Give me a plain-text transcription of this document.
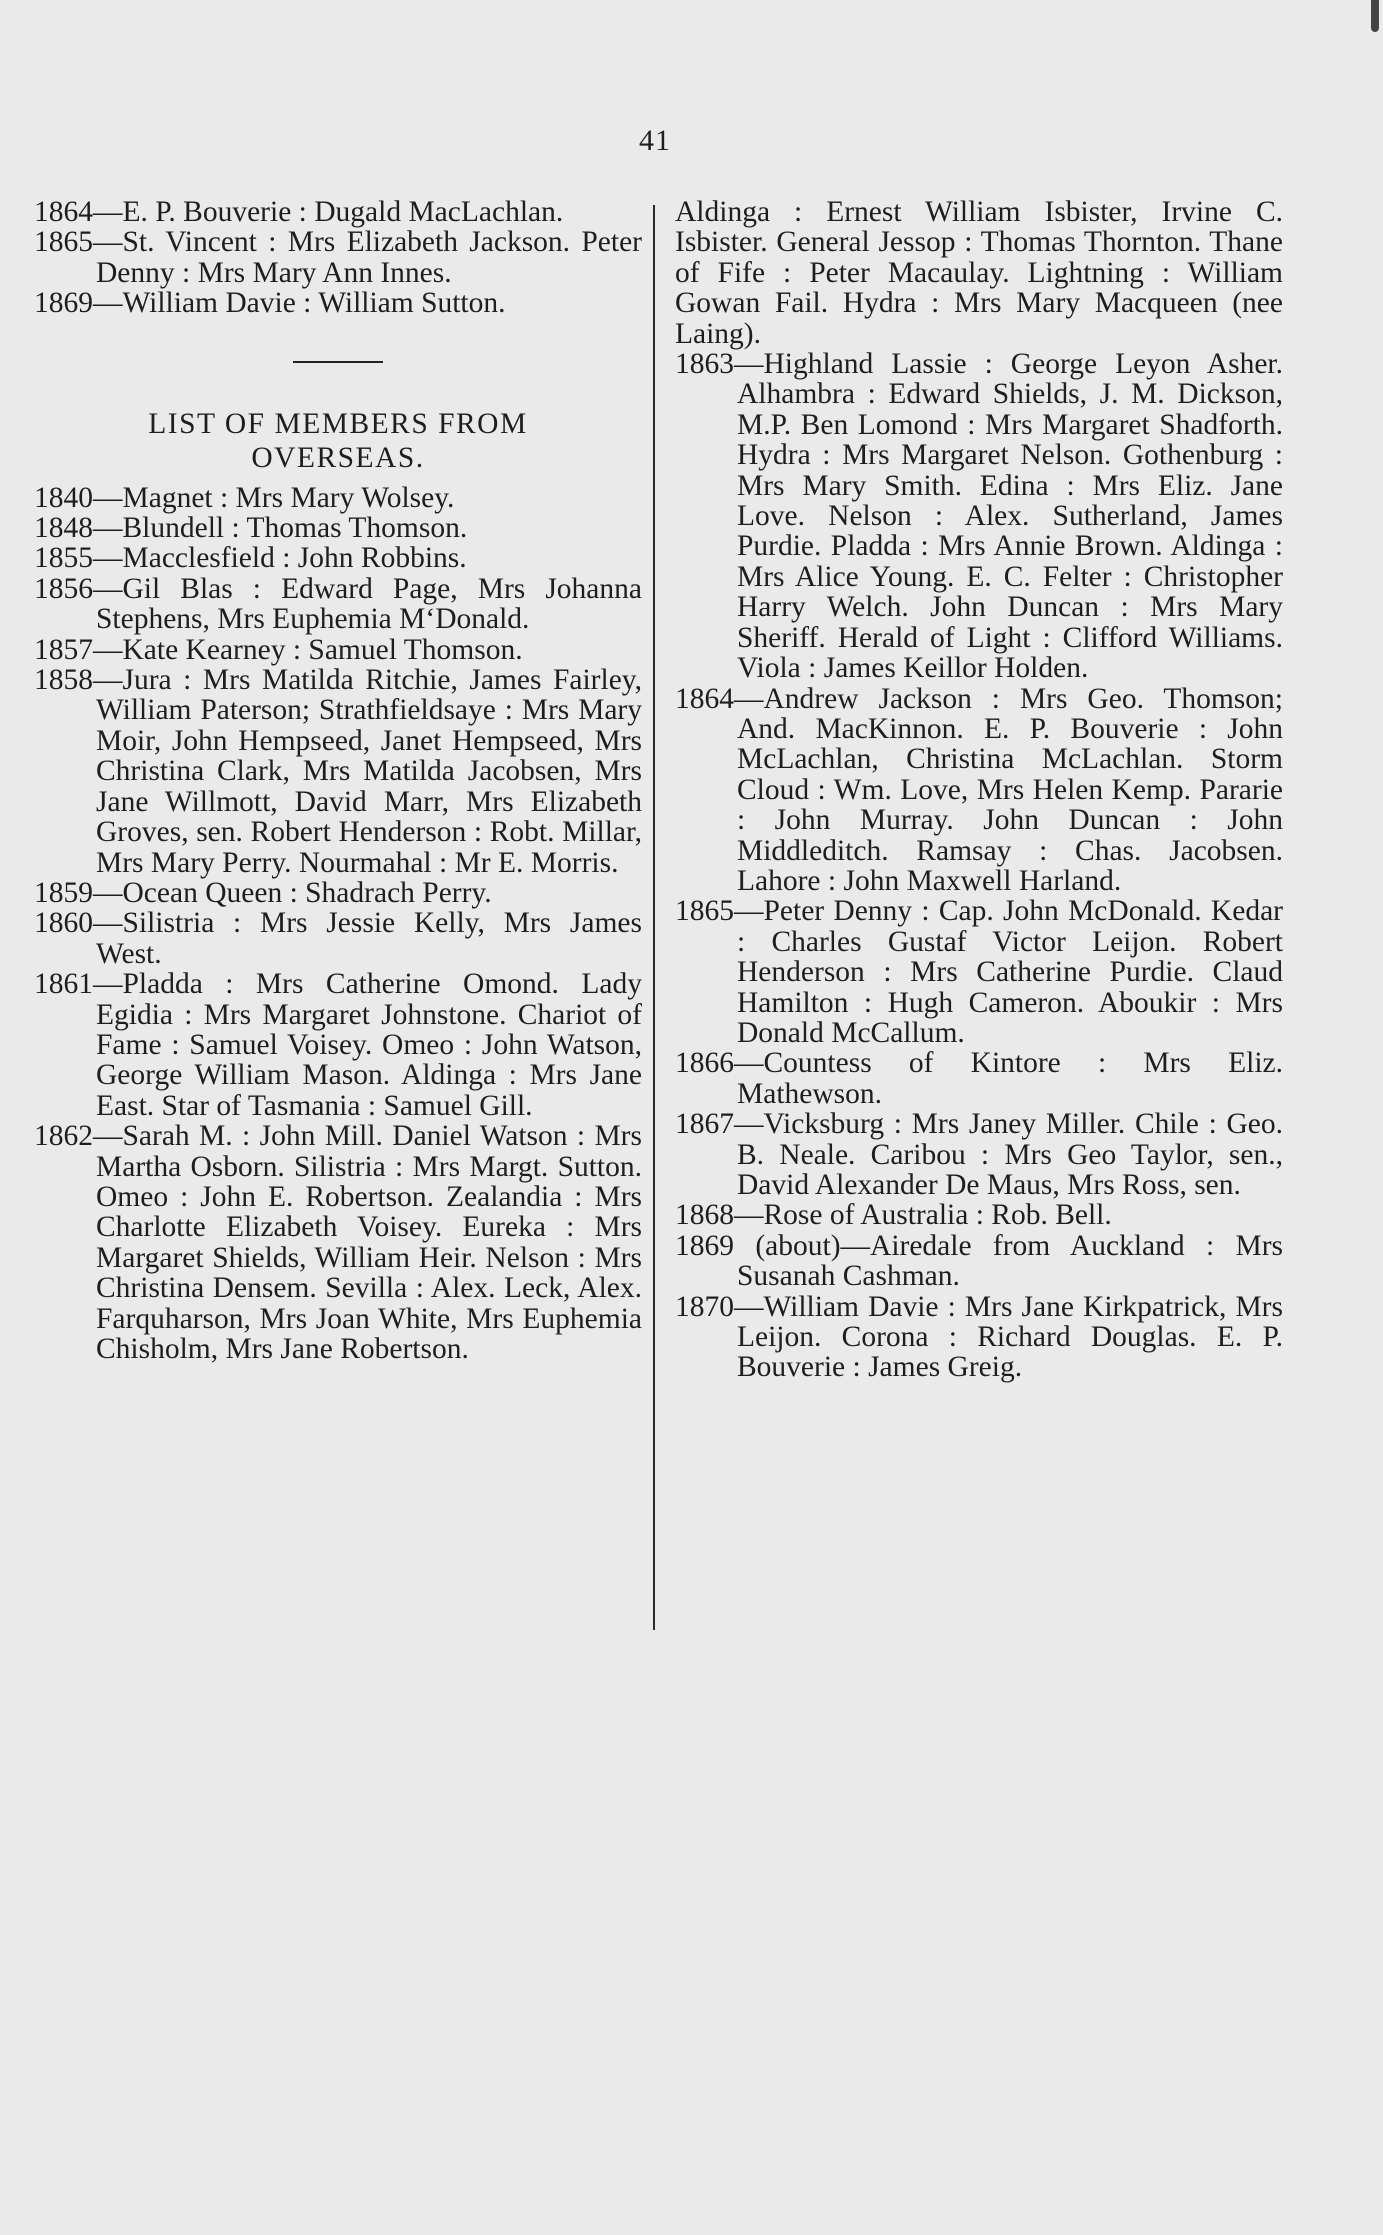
41

1864—E. P. Bouverie : Dugald MacLachlan.

1865—St. Vincent : Mrs Elizabeth Jackson. Peter Denny : Mrs Mary Ann Innes.

1869—William Davie : William Sutton.

LIST OF MEMBERS FROM
OVERSEAS.

1840—Magnet : Mrs Mary Wolsey.

1848—Blundell : Thomas Thomson.

1855—Macclesfield : John Robbins.

1856—Gil Blas : Edward Page, Mrs Johanna Stephens, Mrs Euphemia M‘Donald.

1857—Kate Kearney : Samuel Thomson.

1858—Jura : Mrs Matilda Ritchie, James Fairley, William Paterson; Strathfieldsaye : Mrs Mary Moir, John Hempseed, Janet Hempseed, Mrs Christina Clark, Mrs Matilda Jacobsen, Mrs Jane Willmott, David Marr, Mrs Elizabeth Groves, sen. Robert Henderson : Robt. Millar, Mrs Mary Perry. Nourmahal : Mr E. Morris.

1859—Ocean Queen : Shadrach Perry.

1860—Silistria : Mrs Jessie Kelly, Mrs James West.

1861—Pladda : Mrs Catherine Omond. Lady Egidia : Mrs Margaret Johnstone. Chariot of Fame : Samuel Voisey. Omeo : John Watson, George William Mason. Aldinga : Mrs Jane East. Star of Tasmania : Samuel Gill.

1862—Sarah M. : John Mill. Daniel Watson : Mrs Martha Osborn. Silistria : Mrs Margt. Sutton. Omeo : John E. Robertson. Zealandia : Mrs Charlotte Elizabeth Voisey. Eureka : Mrs Margaret Shields, William Heir. Nelson : Mrs Christina Densem. Sevilla : Alex. Leck, Alex. Farquharson, Mrs Joan White, Mrs Euphemia Chisholm, Mrs Jane Robertson.

Aldinga : Ernest William Isbister, Irvine C. Isbister. General Jessop : Thomas Thornton. Thane of Fife : Peter Macaulay. Lightning : William Gowan Fail. Hydra : Mrs Mary Macqueen (nee Laing).

1863—Highland Lassie : George Leyon Asher. Alhambra : Edward Shields, J. M. Dickson, M.P. Ben Lomond : Mrs Margaret Shadforth. Hydra : Mrs Margaret Nelson. Gothenburg : Mrs Mary Smith. Edina : Mrs Eliz. Jane Love. Nelson : Alex. Sutherland, James Purdie. Pladda : Mrs Annie Brown. Aldinga : Mrs Alice Young. E. C. Felter : Christopher Harry Welch. John Duncan : Mrs Mary Sheriff. Herald of Light : Clifford Williams. Viola : James Keillor Holden.

1864—Andrew Jackson : Mrs Geo. Thomson; And. MacKinnon. E. P. Bouverie : John McLachlan, Christina McLachlan. Storm Cloud : Wm. Love, Mrs Helen Kemp. Pararie : John Murray. John Duncan : John Middleditch. Ramsay : Chas. Jacobsen. Lahore : John Maxwell Harland.

1865—Peter Denny : Cap. John McDonald. Kedar : Charles Gustaf Victor Leijon. Robert Henderson : Mrs Catherine Purdie. Claud Hamilton : Hugh Cameron. Aboukir : Mrs Donald McCallum.

1866—Countess of Kintore : Mrs Eliz. Mathewson.

1867—Vicksburg : Mrs Janey Miller. Chile : Geo. B. Neale. Caribou : Mrs Geo Taylor, sen., David Alexander De Maus, Mrs Ross, sen.

1868—Rose of Australia : Rob. Bell.

1869 (about)—Airedale from Auckland : Mrs Susanah Cashman.

1870—William Davie : Mrs Jane Kirkpatrick, Mrs Leijon. Corona : Richard Douglas. E. P. Bouverie : James Greig.
